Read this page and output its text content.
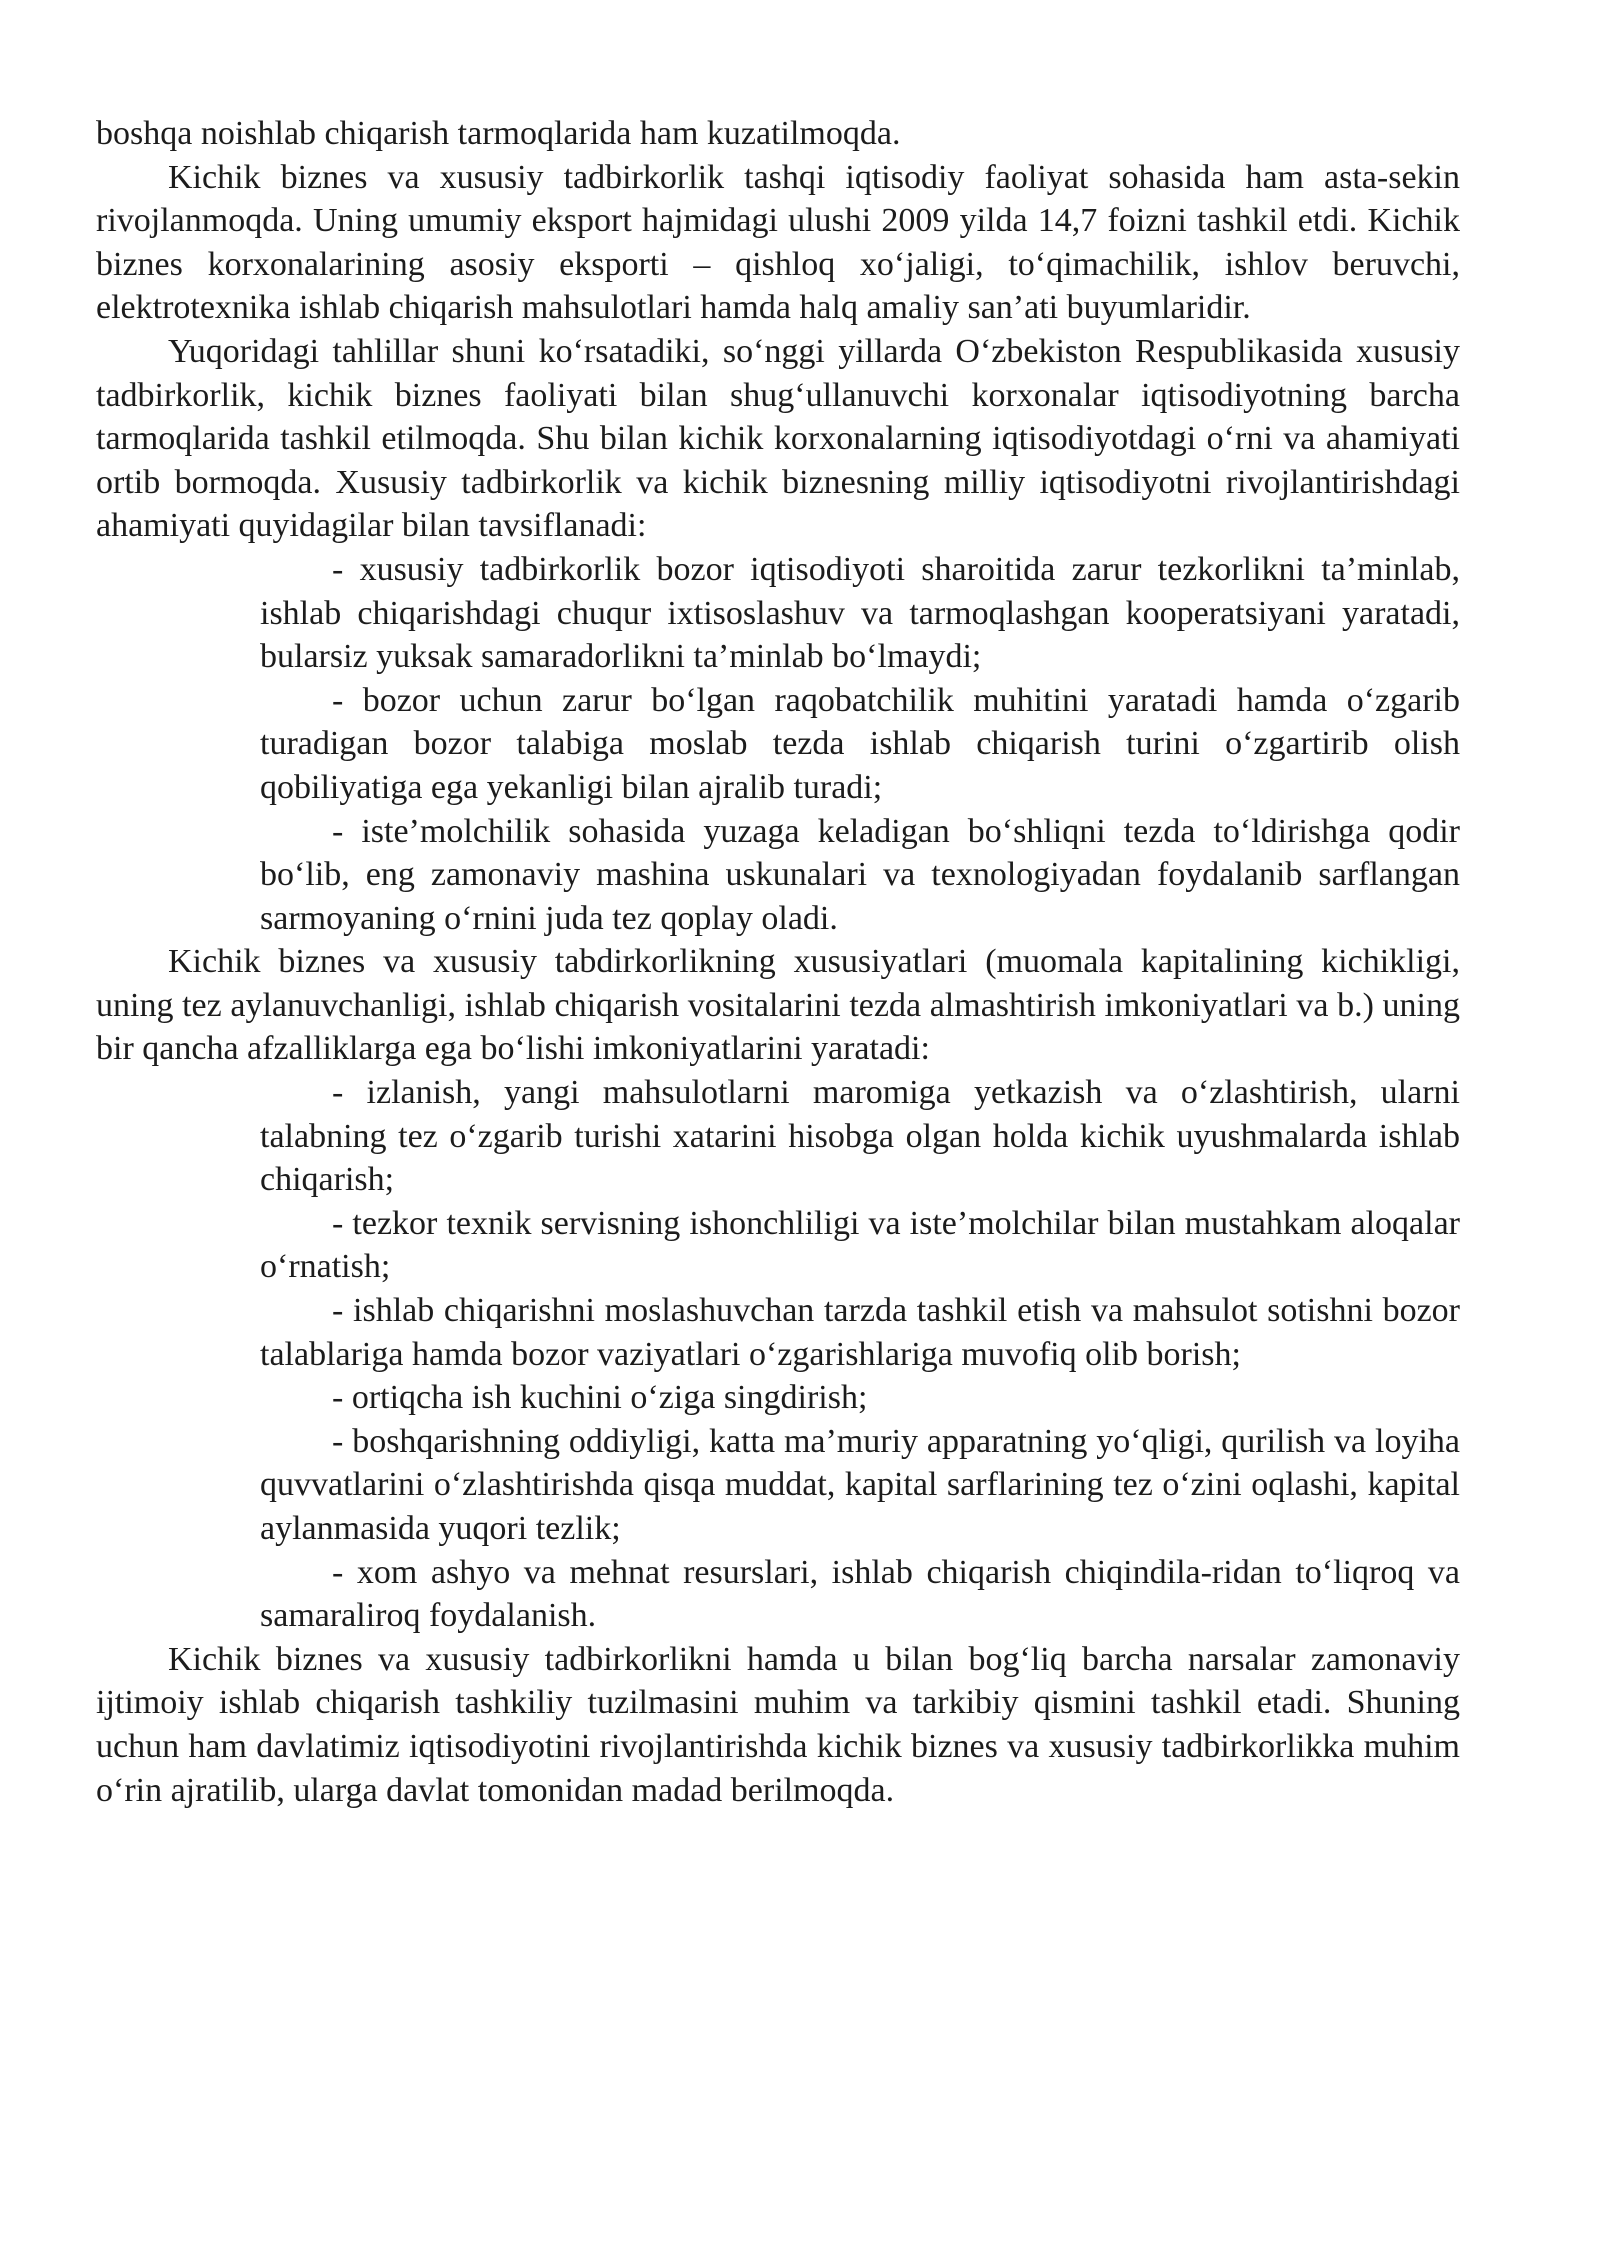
boshqa noishlab chiqarish tarmoqlarida ham kuzatilmoqda.

Kichik biznes va xususiy tadbirkorlik tashqi iqtisodiy faoliyat sohasida ham asta-sekin rivojlanmoqda. Uning umumiy eksport hajmidagi ulushi 2009 yilda 14,7 foizni tashkil etdi. Kichik biznes korxonalarining asosiy eksporti – qishloq xo‘jaligi, to‘qimachilik, ishlov beruvchi, elektrotexnika ishlab chiqarish mahsulotlari hamda halq amaliy san’ati buyumlaridir.

Yuqoridagi tahlillar shuni ko‘rsatadiki, so‘nggi yillarda O‘zbekiston Respublikasida xususiy tadbirkorlik, kichik biznes faoliyati bilan shug‘ullanuvchi korxonalar iqtisodiyotning barcha tarmoqlarida tashkil etilmoqda. Shu bilan kichik korxonalarning iqtisodiyotdagi o‘rni va ahamiyati ortib bormoqda. Xususiy tadbirkorlik va kichik biznesning milliy iqtisodiyotni rivojlantirishdagi ahamiyati quyidagilar bilan tavsiflanadi:

- xususiy tadbirkorlik bozor iqtisodiyoti sharoitida zarur tezkorlikni ta’minlab, ishlab chiqarishdagi chuqur ixtisoslashuv va tarmoqlashgan kooperatsiyani yaratadi, bularsiz yuksak samaradorlikni ta’minlab bo‘lmaydi;
- bozor uchun zarur bo‘lgan raqobatchilik muhitini yaratadi hamda o‘zgarib turadigan bozor talabiga moslab tezda ishlab chiqarish turini o‘zgartirib olish qobiliyatiga ega yekanligi bilan ajralib turadi;
- iste’molchilik sohasida yuzaga keladigan bo‘shliqni tezda to‘ldirishga qodir bo‘lib, eng zamonaviy mashina uskunalari va texnologiyadan foydalanib sarflangan sarmoyaning o‘rnini juda tez qoplay oladi.

Kichik biznes va xususiy tabdirkorlikning xususiyatlari (muomala kapitalining kichikligi, uning tez aylanuvchanligi, ishlab chiqarish vositalarini tezda almashtirish imkoniyatlari va b.) uning bir qancha afzalliklarga ega bo‘lishi imkoniyatlarini yaratadi:

- izlanish, yangi mahsulotlarni maromiga yetkazish va o‘zlashtirish, ularni talabning tez o‘zgarib turishi xatarini hisobga olgan holda kichik uyushmalarda ishlab chiqarish;
- tezkor texnik servisning ishonchliligi va iste’molchilar bilan mustahkam aloqalar o‘rnatish;
- ishlab chiqarishni moslashuvchan tarzda tashkil etish va mahsulot sotishni bozor talablariga hamda bozor vaziyatlari o‘zgarishlariga muvofiq olib borish;
- ortiqcha ish kuchini o‘ziga singdirish;
- boshqarishning oddiyligi, katta ma’muriy apparatning yo‘qligi, qurilish va loyiha quvvatlarini o‘zlashtirishda qisqa muddat, kapital sarflarining tez o‘zini oqlashi, kapital aylanmasida yuqori tezlik;
- xom ashyo va mehnat resurslari, ishlab chiqarish chiqindila-ridan to‘liqroq va samaraliroq foydalanish.

Kichik biznes va xususiy tadbirkorlikni hamda u bilan bog‘liq barcha narsalar zamonaviy ijtimoiy ishlab chiqarish tashkiliy tuzilmasini muhim va tarkibiy qismini tashkil etadi. Shuning uchun ham davlatimiz iqtisodiyotini rivojlantirishda kichik biznes va xususiy tadbirkorlikka muhim o‘rin ajratilib, ularga davlat tomonidan madad berilmoqda.
